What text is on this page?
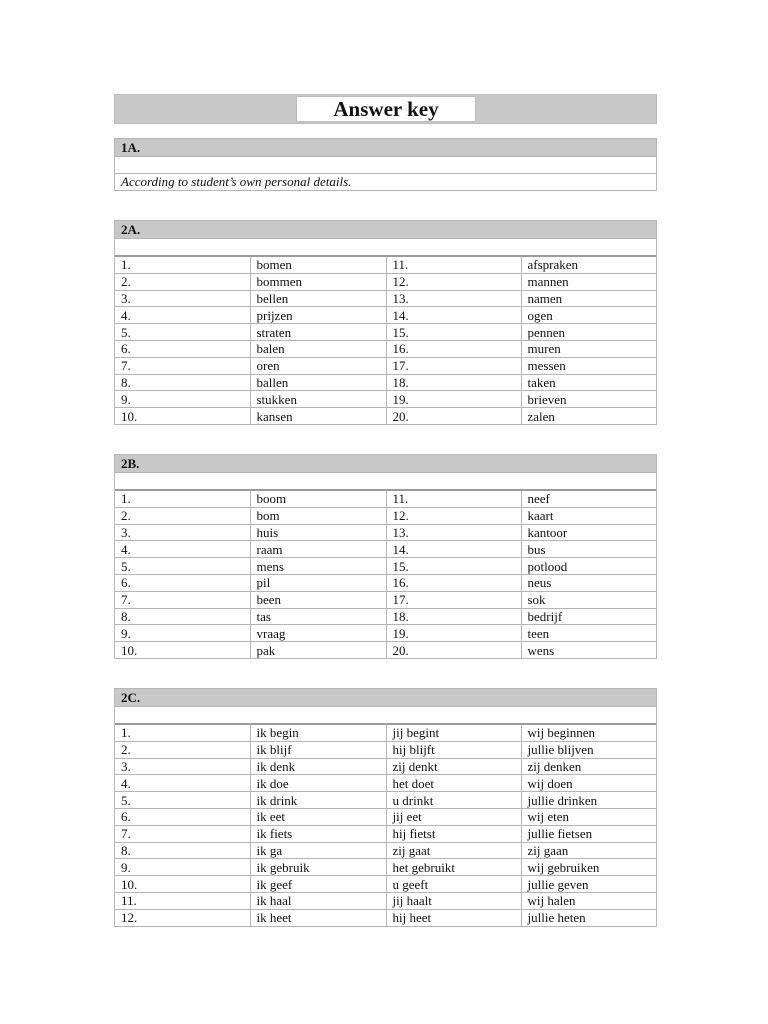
Answer key
1A.
According to student’s own personal details.
2A.
1.	bomen	11.	afspraken
2.	bommen	12.	mannen
3.	bellen	13.	namen
4.	prijzen	14.	ogen
5.	straten	15.	pennen
6.	balen	16.	muren
7.	oren	17.	messen
8.	ballen	18.	taken
9.	stukken	19.	brieven
10.	kansen	20.	zalen
2B.
1.	boom	11.	neef
2.	bom	12.	kaart
3.	huis	13.	kantoor
4.	raam	14.	bus
5.	mens	15.	potlood
6.	pil	16.	neus
7.	been	17.	sok
8.	tas	18.	bedrijf
9.	vraag	19.	teen
10.	pak	20.	wens
2C.
1.	ik begin	jij begint	wij beginnen
2.	ik blijf	hij blijft	jullie blijven
3.	ik denk	zij denkt	zij denken
4.	ik doe	het doet	wij doen
5.	ik drink	u drinkt	jullie drinken
6.	ik eet	jij eet	wij eten
7.	ik fiets	hij fietst	jullie fietsen
8.	ik ga	zij gaat	zij gaan
9.	ik gebruik	het gebruikt	wij gebruiken
10.	ik geef	u geeft	jullie geven
11.	ik haal	jij haalt	wij halen
12.	ik heet	hij heet	jullie heten
